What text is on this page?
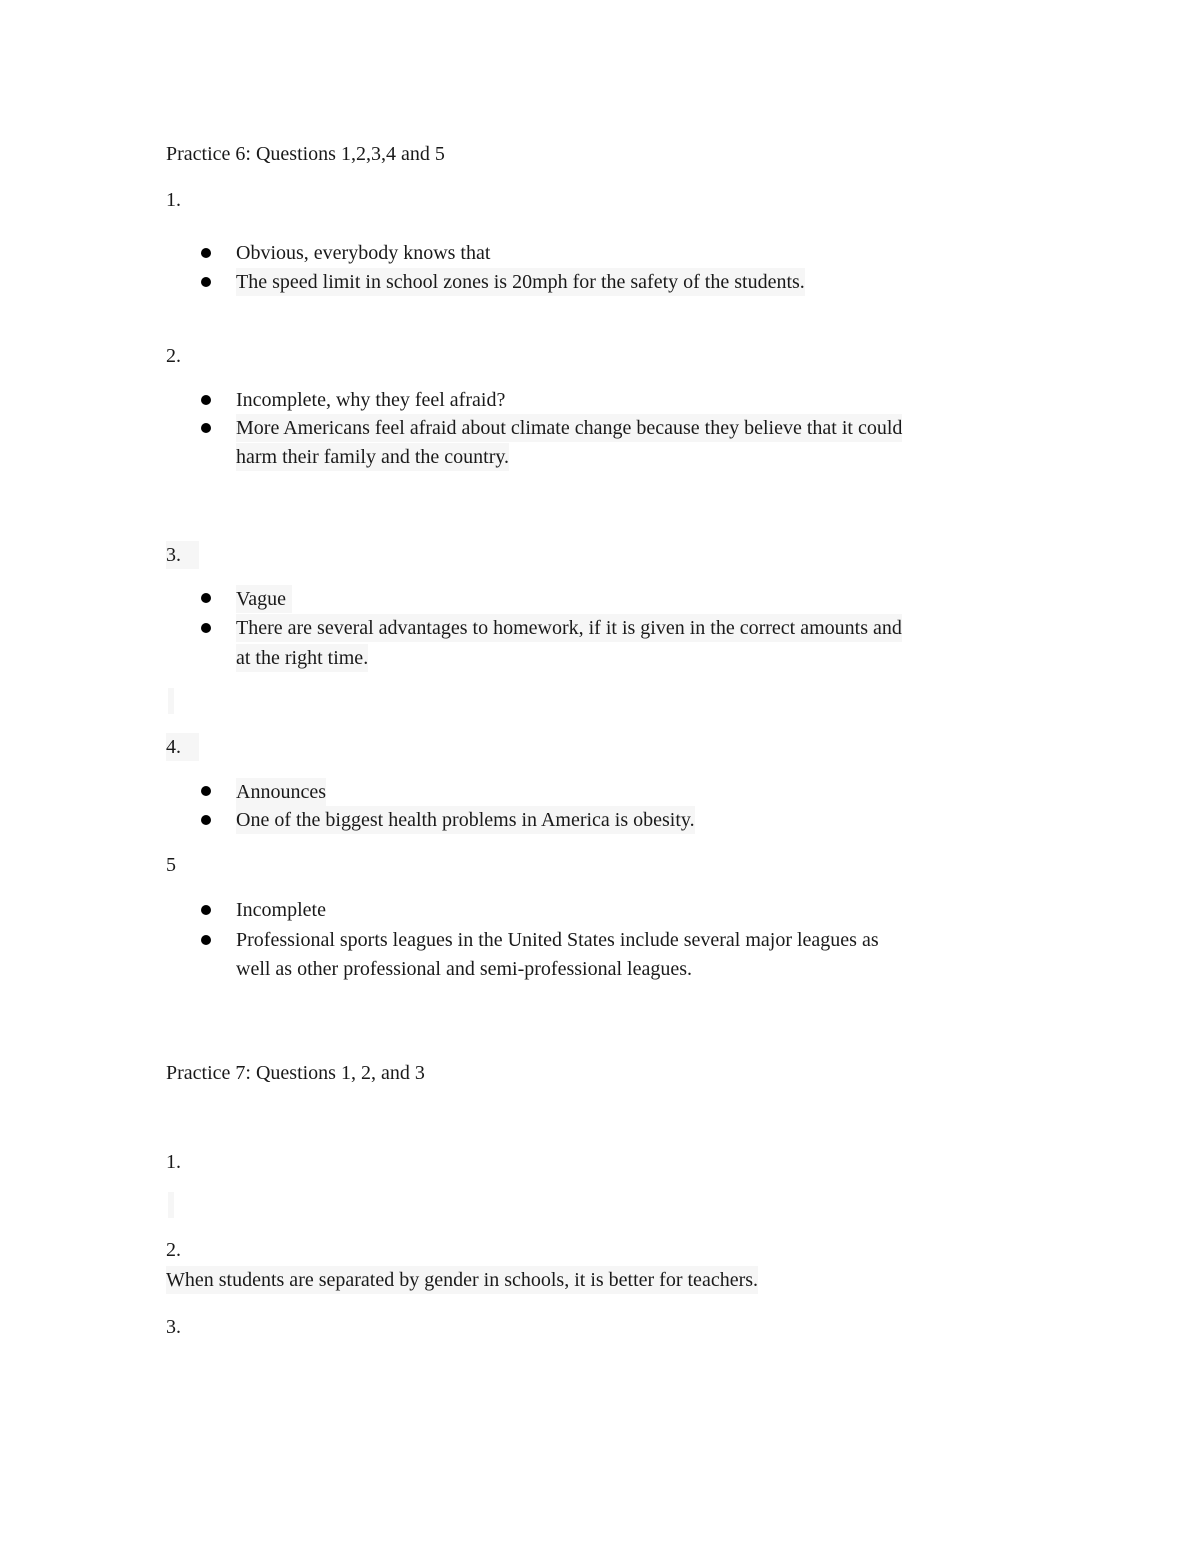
Practice 6: Questions 1,2,3,4 and 5
1.
Obvious, everybody knows that
The speed limit in school zones is 20mph for the safety of the students.
2.
Incomplete, why they feel afraid?
More Americans feel afraid about climate change because they believe that it could
harm their family and the country.
3.
Vague
There are several advantages to homework, if it is given in the correct amounts and
at the right time.
4.
Announces
One of the biggest health problems in America is obesity.
5
Incomplete
Professional sports leagues in the United States include several major leagues as
well as other professional and semi-professional leagues.
Practice 7: Questions 1, 2, and 3
1.
2.
When students are separated by gender in schools, it is better for teachers.
3.
